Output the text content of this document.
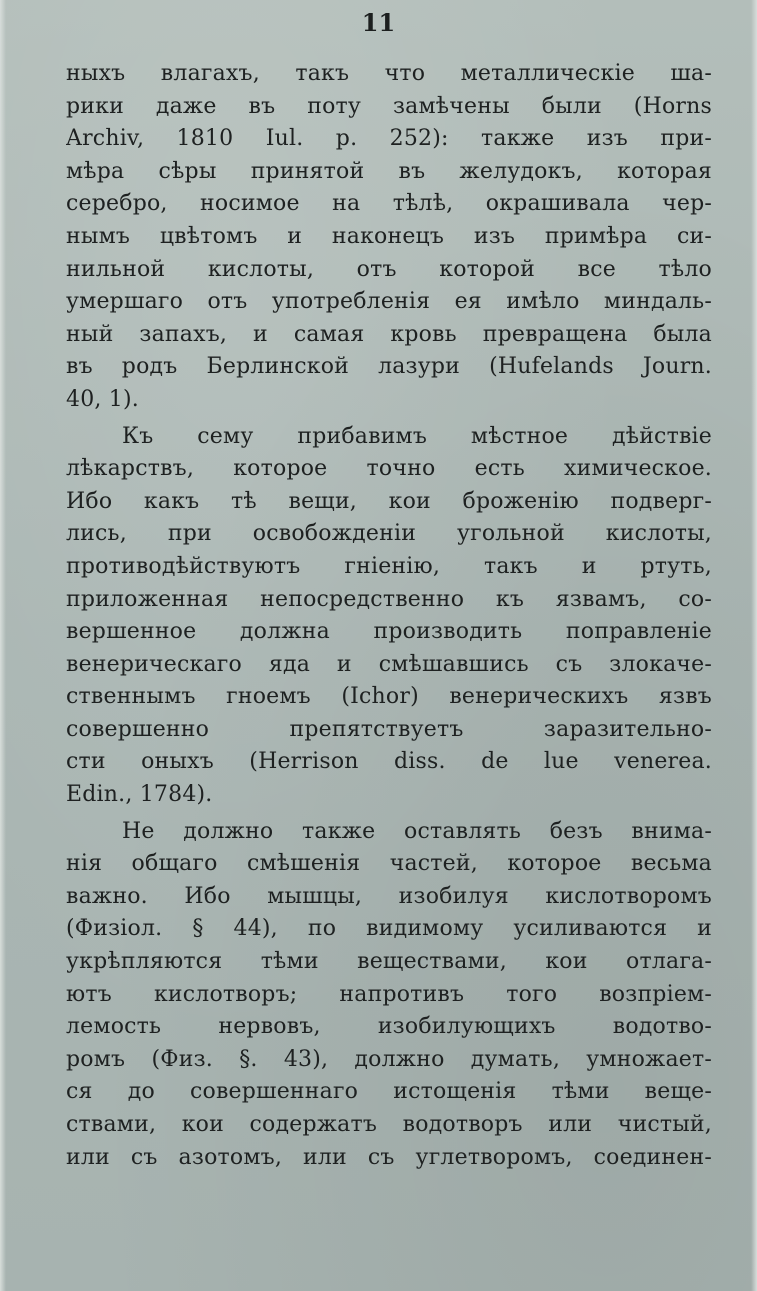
11
ныхъ влагахъ, такъ что металлическіе ша-
рики даже въ поту замѣчены были (Horns
Archiv, 1810 Iul. p. 252): также изъ при-
мѣра сѣры принятой въ желудокъ, которая
серебро, носимое на тѣлѣ, окрашивала чер-
нымъ цвѣтомъ и наконецъ изъ примѣра си-
нильной кислоты, отъ которой все тѣло
умершаго отъ употребленія ея имѣло миндаль-
ный запахъ, и самая кровь превращена была
въ родъ Берлинской лазури (Hufelands Journ.
40, 1).
Къ сему прибавимъ мѣстное дѣйствіе
лѣкарствъ, которое точно есть химическое.
Ибо какъ тѣ вещи, кои броженію подверг-
лись, при освобожденіи угольной кислоты,
противодѣйствуютъ гніенію, такъ и ртуть,
приложенная непосредственно къ язвамъ, со-
вершенное должна производить поправленіе
венерическаго яда и смѣшавшись съ злокаче-
ственнымъ гноемъ (Ichor) венерическихъ язвъ
совершенно препятствуетъ заразительно-
сти оныхъ (Herrison diss. de lue venerea.
Edin., 1784).
Не должно также оставлять безъ внима-
нія общаго смѣшенія частей, которое весьма
важно. Ибо мышцы, изобилуя кислотворомъ
(Физіол. § 44), по видимому усиливаются и
укрѣпляются тѣми веществами, кои отлага-
ютъ кислотворъ; напротивъ того возпріем-
лемость нервовъ, изобилующихъ водотво-
ромъ (Физ. §. 43), должно думать, умножает-
ся до совершеннаго истощенія тѣми веще-
ствами, кои содержатъ водотворъ или чистый,
или съ азотомъ, или съ углетворомъ, соединен-
